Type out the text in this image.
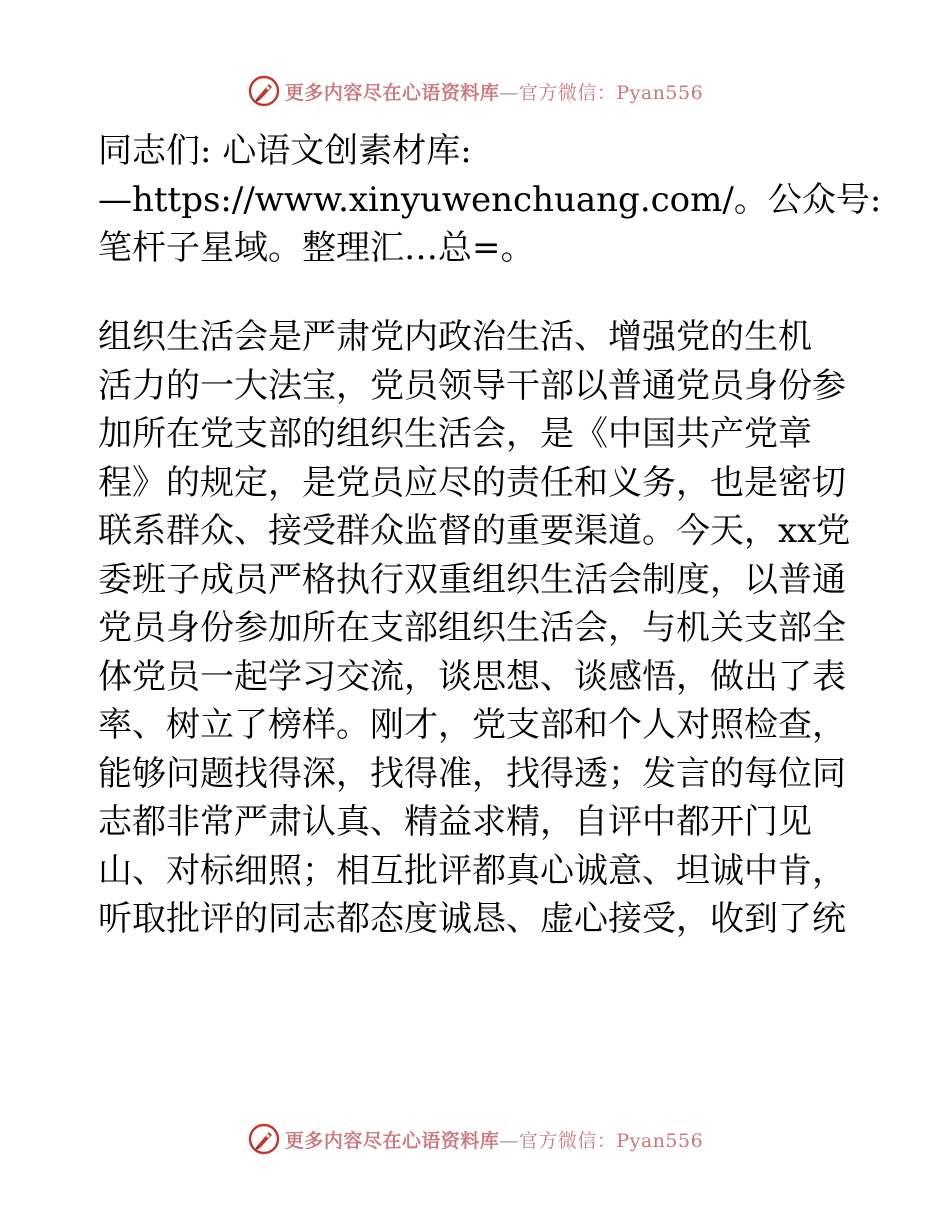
更多内容尽在心语资料库—官方微信：Pyan556
同志们: 心语文创素材库:
—https://www.xinyuwenchuang.com/。公众号:
笔杆子星域。整理汇…总=。
组织生活会是严肃党内政治生活、增强党的生机
活力的一大法宝，党员领导干部以普通党员身份参
加所在党支部的组织生活会，是《中国共产党章
程》的规定，是党员应尽的责任和义务，也是密切
联系群众、接受群众监督的重要渠道。今天，xx党
委班子成员严格执行双重组织生活会制度，以普通
党员身份参加所在支部组织生活会，与机关支部全
体党员一起学习交流，谈思想、谈感悟，做出了表
率、树立了榜样。刚才，党支部和个人对照检查，
能够问题找得深，找得准，找得透；发言的每位同
志都非常严肃认真、精益求精，自评中都开门见
山、对标细照；相互批评都真心诚意、坦诚中肯，
听取批评的同志都态度诚恳、虚心接受，收到了统
更多内容尽在心语资料库—官方微信：Pyan556
